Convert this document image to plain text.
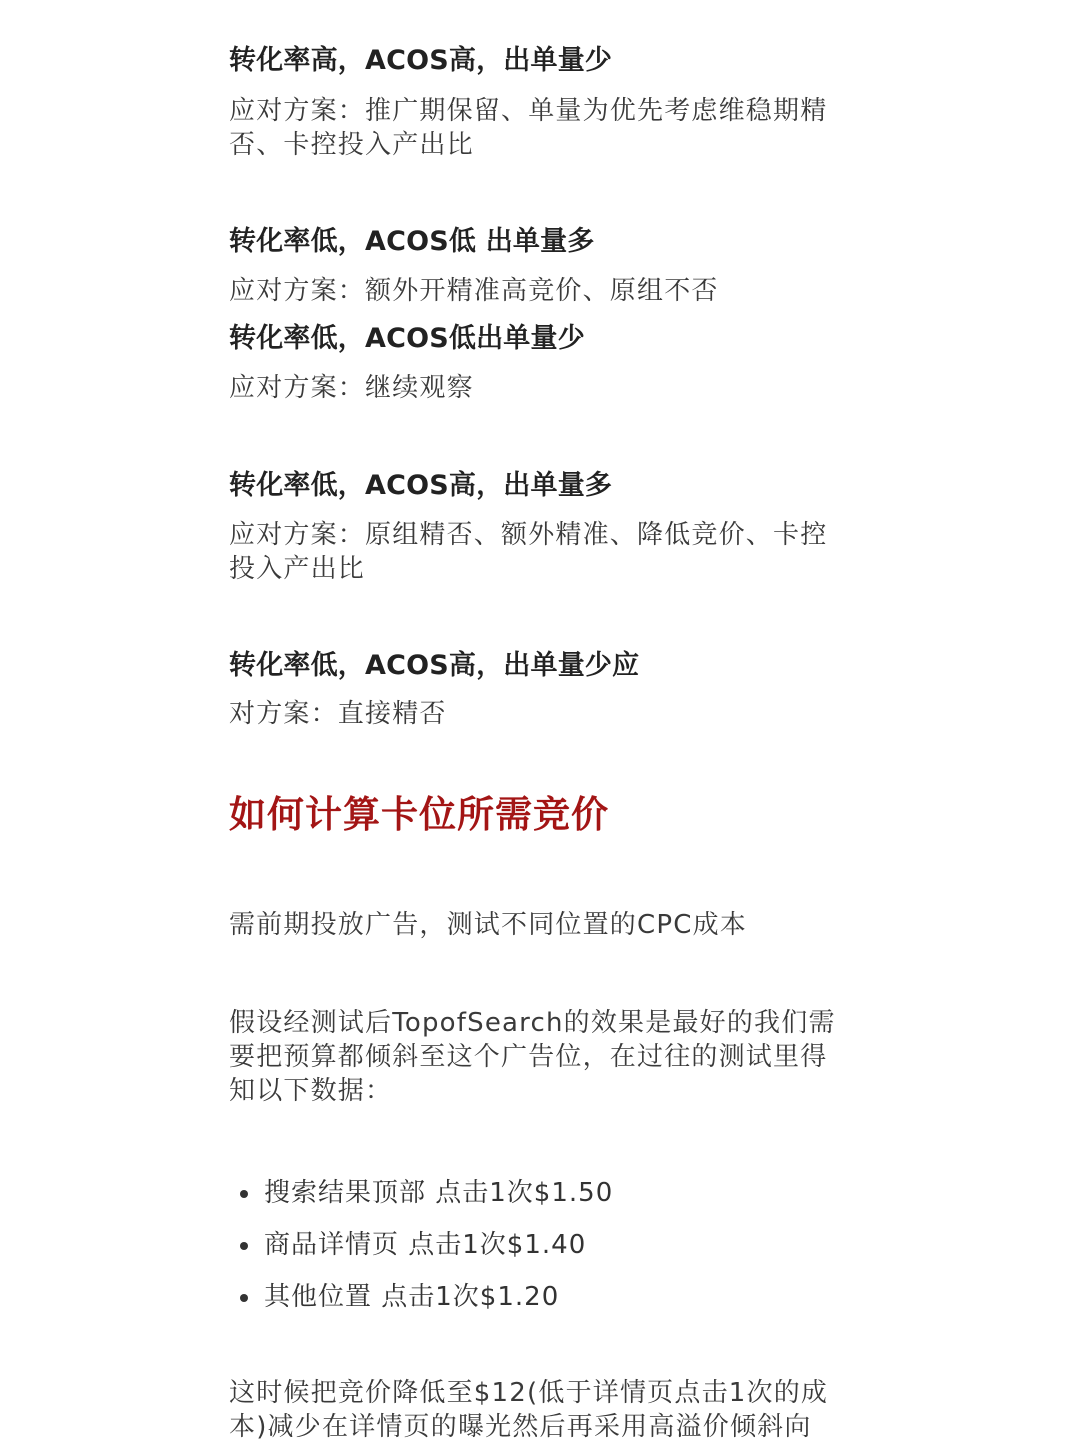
转化率高，ACOS高，出单量少

应对方案：推广期保留、单量为优先考虑维稳期精否、卡控投入产出比

转化率低，ACOS低 出单量多

应对方案：额外开精准高竞价、原组不否

转化率低，ACOS低出单量少

应对方案：继续观察

转化率低，ACOS高，出单量多

应对方案：原组精否、额外精准、降低竞价、卡控投入产出比

转化率低，ACOS高，出单量少应

对方案：直接精否

如何计算卡位所需竞价

需前期投放广告，测试不同位置的CPC成本

假设经测试后TopofSearch的效果是最好的我们需要把预算都倾斜至这个广告位，在过往的测试里得知以下数据：

搜索结果顶部 点击1次$1.50
商品详情页 点击1次$1.40
其他位置 点击1次$1.20

这时候把竞价降低至$12(低于详情页点击1次的成本)减少在详情页的曝光然后再采用高溢价倾斜向
